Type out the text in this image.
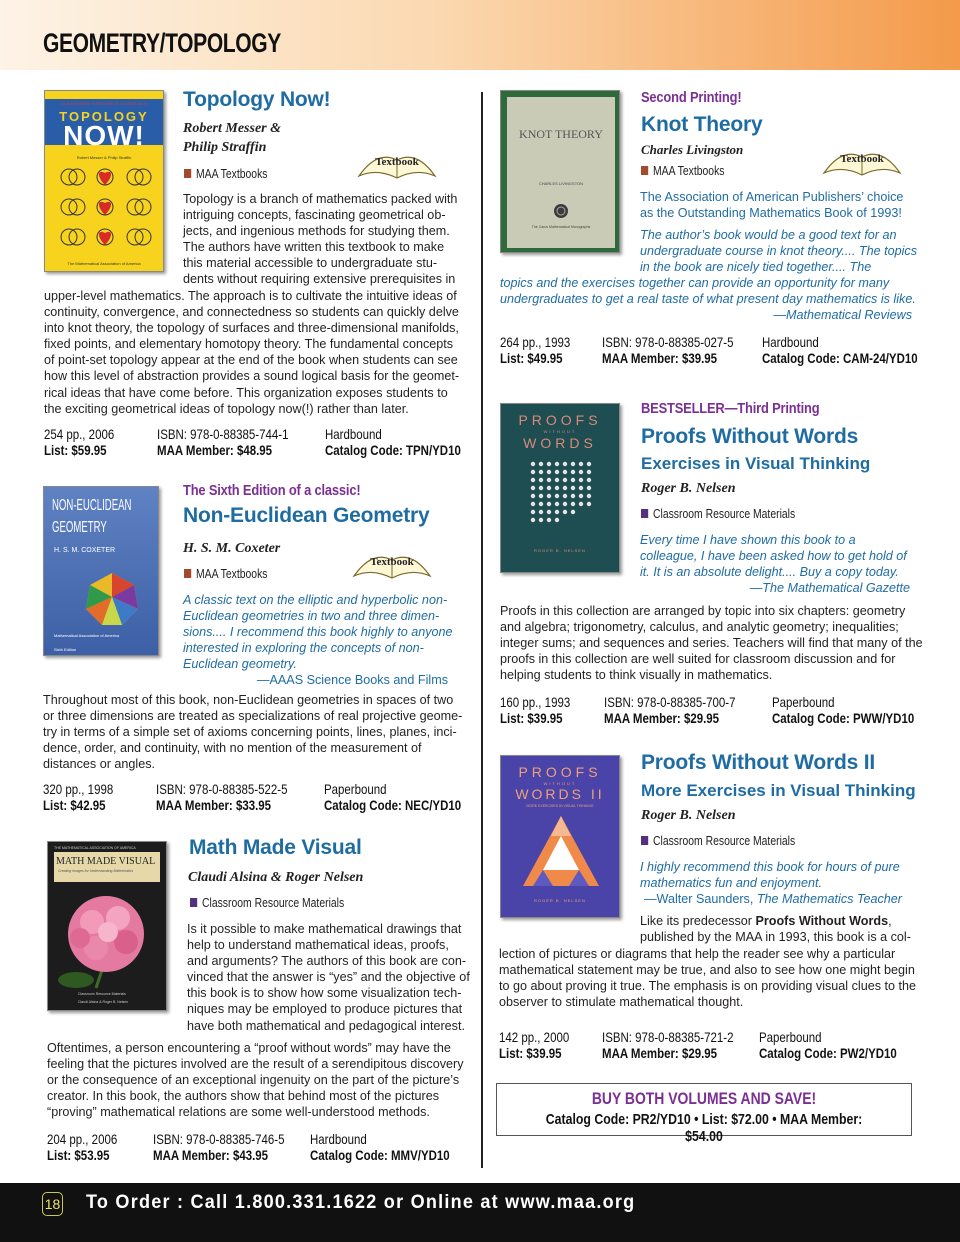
GEOMETRY/TOPOLOGY
CLASSROOM RESOURCE MATERIALS
TOPOLOGY
NOW!
Robert Messer & Philip Straffin
The Mathematical Association of America
Topology Now!
Robert Messer &
Philip Straffin
Textbook
MAA Textbooks
Topology is a branch of mathematics packed with
intriguing concepts, fascinating geometrical ob-
jects, and ingenious methods for studying them.
The authors have written this textbook to make
this material accessible to undergraduate stu-
dents without requiring extensive prerequisites in
upper-level mathematics. The approach is to cultivate the intuitive ideas of
continuity, convergence, and connectedness so students can quickly delve
into knot theory, the topology of surfaces and three-dimensional manifolds,
fixed points, and elementary homotopy theory. The fundamental concepts
of point-set topology appear at the end of the book when students can see
how this level of abstraction provides a sound logical basis for the geomet-
rical ideas that have come before. This organization exposes students to
the exciting geometrical ideas of topology now(!) rather than later.
254 pp., 2006
List: $59.95
ISBN: 978-0-88385-744-1
MAA Member: $48.95
Hardbound
Catalog Code: TPN/YD10
NON-EUCLIDEAN
GEOMETRY
H. S. M. COXETER
Mathematical Association of America
Sixth Edition
The Sixth Edition of a classic!
Non-Euclidean Geometry
H. S. M. Coxeter
Textbook
MAA Textbooks
A classic text on the elliptic and hyperbolic non-
Euclidean geometries in two and three dimen-
sions.... I recommend this book highly to anyone
interested in exploring the concepts of non-
Euclidean geometry.
—AAAS Science Books and Films
Throughout most of this book, non-Euclidean geometries in spaces of two
or three dimensions are treated as specializations of real projective geome-
try in terms of a simple set of axioms concerning points, lines, planes, inci-
dence, order, and continuity, with no mention of the measurement of
distances or angles.
320 pp., 1998
List: $42.95
ISBN: 978-0-88385-522-5
MAA Member: $33.95
Paperbound
Catalog Code: NEC/YD10
THE MATHEMATICAL ASSOCIATION OF AMERICA
MATH MADE VISUAL
Creating Images for Understanding Mathematics
Classroom Resource Materials
Claudi Alsina & Roger B. Nelsen
Math Made Visual
Claudi Alsina & Roger Nelsen
Classroom Resource Materials
Is it possible to make mathematical drawings that
help to understand mathematical ideas, proofs,
and arguments? The authors of this book are con-
vinced that the answer is “yes” and the objective of
this book is to show how some visualization tech-
niques may be employed to produce pictures that
have both mathematical and pedagogical interest.
Oftentimes, a person encountering a “proof without words” may have the
feeling that the pictures involved are the result of a serendipitous discovery
or the consequence of an exceptional ingenuity on the part of the picture’s
creator. In this book, the authors show that behind most of the pictures
“proving” mathematical relations are some well-understood methods.
204 pp., 2006
List: $53.95
ISBN: 978-0-88385-746-5
MAA Member: $43.95
Hardbound
Catalog Code: MMV/YD10
KNOT THEORY
CHARLES LIVINGSTON
The Carus Mathematical Monographs
Second Printing!
Knot Theory
Charles Livingston
Textbook
MAA Textbooks
The Association of American Publishers’ choice
as the Outstanding Mathematics Book of 1993!
The author’s book would be a good text for an
undergraduate course in knot theory.... The topics
in the book are nicely tied together.... The
topics and the exercises together can provide an opportunity for many
undergraduates to get a real taste of what present day mathematics is like.
—Mathematical Reviews
264 pp., 1993
List: $49.95
ISBN: 978-0-88385-027-5
MAA Member: $39.95
Hardbound
Catalog Code: CAM-24/YD10
PROOFS
WITHOUT
WORDS
ROGER B. NELSEN
BESTSELLER—Third Printing
Proofs Without Words
Exercises in Visual Thinking
Roger B. Nelsen
Classroom Resource Materials
Every time I have shown this book to a
colleague, I have been asked how to get hold of
it. It is an absolute delight.... Buy a copy today.
—The Mathematical Gazette
Proofs in this collection are arranged by topic into six chapters: geometry
and algebra; trigonometry, calculus, and analytic geometry; inequalities;
integer sums; and sequences and series. Teachers will find that many of the
proofs in this collection are well suited for classroom discussion and for
helping students to think visually in mathematics.
160 pp., 1993
List: $39.95
ISBN: 978-0-88385-700-7
MAA Member: $29.95
Paperbound
Catalog Code: PWW/YD10
PROOFS
WITHOUT
WORDS II
MORE EXERCISES IN VISUAL THINKING
ROGER B. NELSEN
Proofs Without Words II
More Exercises in Visual Thinking
Roger B. Nelsen
Classroom Resource Materials
I highly recommend this book for hours of pure
mathematics fun and enjoyment.
—Walter Saunders, The Mathematics Teacher
Like its predecessor Proofs Without Words,
published by the MAA in 1993, this book is a col-
lection of pictures or diagrams that help the reader see why a particular
mathematical statement may be true, and also to see how one might begin
to go about proving it true. The emphasis is on providing visual clues to the
observer to stimulate mathematical thought.
142 pp., 2000
List: $39.95
ISBN: 978-0-88385-721-2
MAA Member: $29.95
Paperbound
Catalog Code: PW2/YD10
BUY BOTH VOLUMES AND SAVE!
Catalog Code: PR2/YD10 • List: $72.00 • MAA Member: $54.00
18 To Order : Call 1.800.331.1622 or Online at www.maa.org
